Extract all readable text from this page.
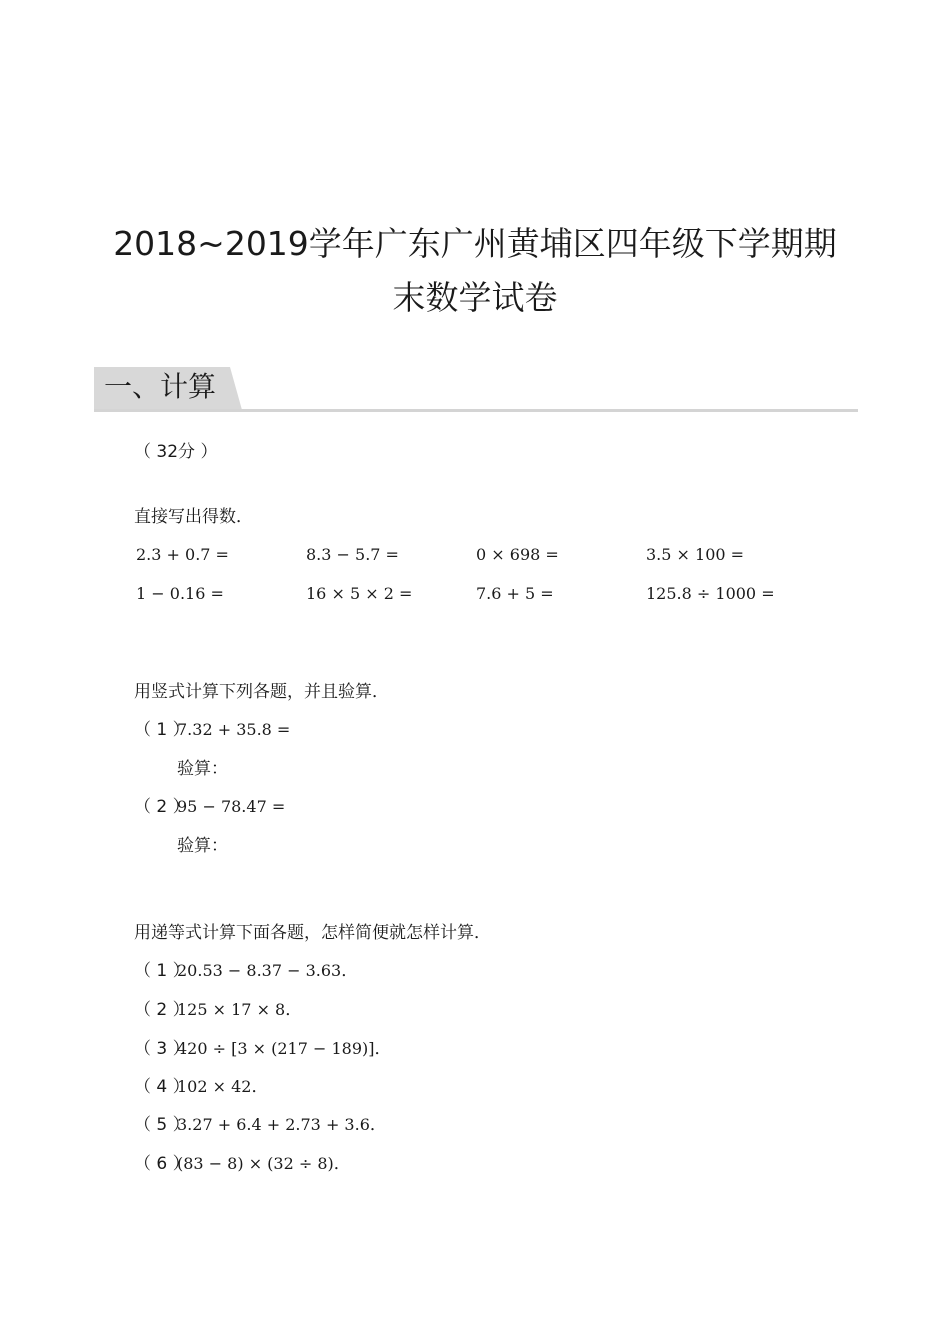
2018~2019学年广东广州黄埔区四年级下学期期
末数学试卷
一、计算
（ 32分 ）
直接写出得数．
2.3 + 0.7 =	8.3 − 5.7 =	0 × 698 =	3.5 × 100 =
1 − 0.16 =	16 × 5 × 2 =	7.6 + 5 =	125.8 ÷ 1000 =
用竖式计算下列各题，并且验算．
（ 1 ）7.32 + 35.8 =
验算：
（ 2 ）95 − 78.47 =
验算：
用递等式计算下面各题，怎样简便就怎样计算．
（ 1 ）20.53 − 8.37 − 3.63．
（ 2 ）125 × 17 × 8．
（ 3 ）420 ÷ [3 × (217 − 189)]．
（ 4 ）102 × 42．
（ 5 ）3.27 + 6.4 + 2.73 + 3.6．
（ 6 ）(83 − 8) × (32 ÷ 8)．
